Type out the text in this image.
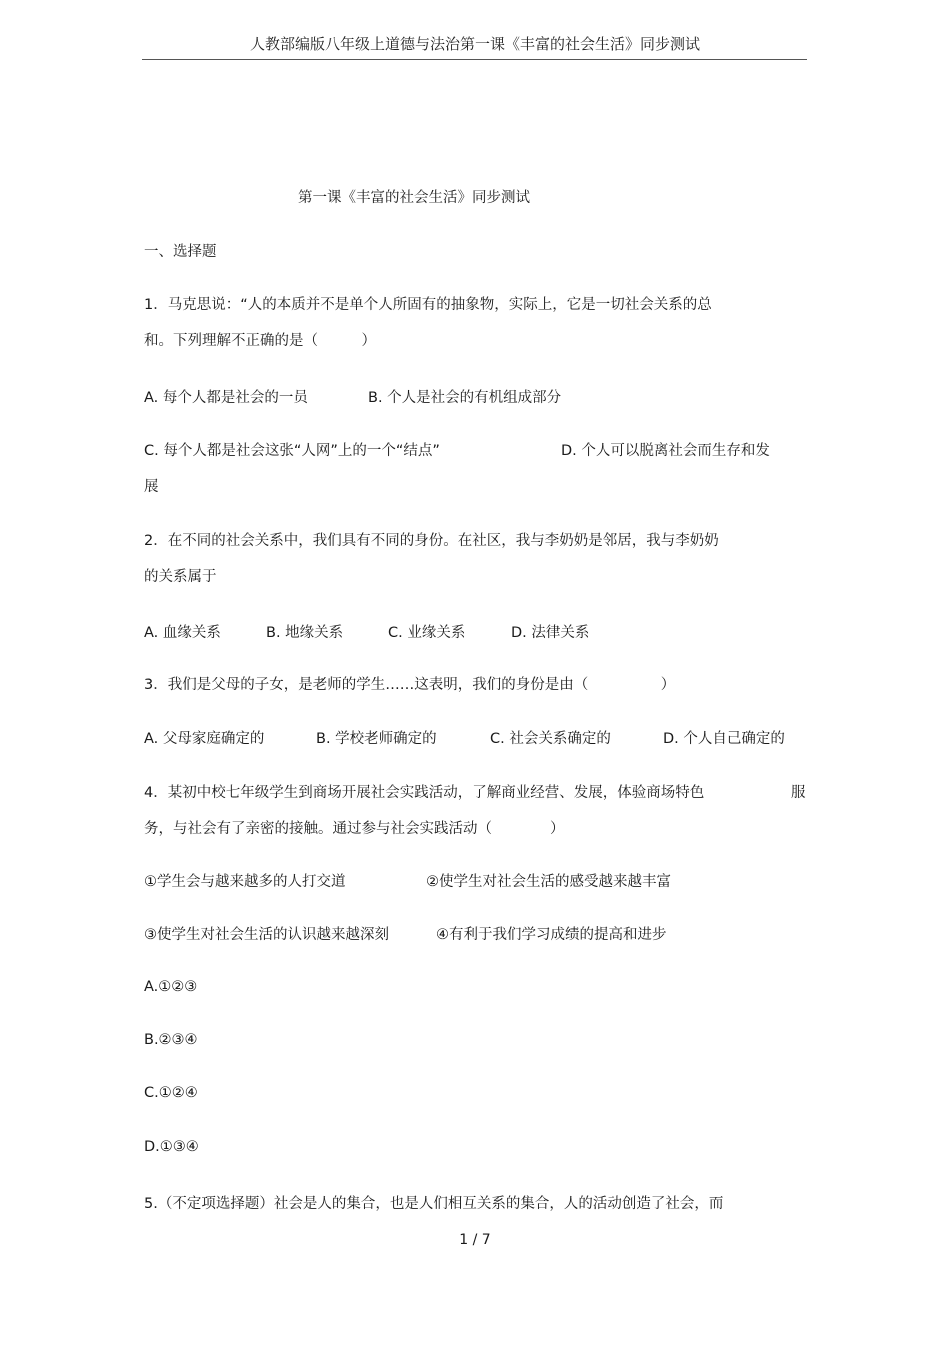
人教部编版八年级上道德与法治第一课《丰富的社会生活》同步测试
第一课《丰富的社会生活》同步测试
一、选择题
1．马克思说：“人的本质并不是单个人所固有的抽象物，实际上，它是一切社会关系的总
和。下列理解不正确的是（　　　）
A. 每个人都是社会的一员	B. 个人是社会的有机组成部分
C. 每个人都是社会这张“人网”上的一个“结点”	D. 个人可以脱离社会而生存和发
展
2．在不同的社会关系中，我们具有不同的身份。在社区，我与李奶奶是邻居，我与李奶奶
的关系属于
A. 血缘关系	B. 地缘关系	C. 业缘关系	D. 法律关系
3．我们是父母的子女，是老师的学生……这表明，我们的身份是由（　　　　　）
A. 父母家庭确定的	B. 学校老师确定的	C. 社会关系确定的	D. 个人自己确定的
4．某初中校七年级学生到商场开展社会实践活动，了解商业经营、发展，体验商场特色	服
务，与社会有了亲密的接触。通过参与社会实践活动（　　　　）
①学生会与越来越多的人打交道	②使学生对社会生活的感受越来越丰富
③使学生对社会生活的认识越来越深刻	④有利于我们学习成绩的提高和进步
A.①②③
B.②③④
C.①②④
D.①③④
5.（不定项选择题）社会是人的集合，也是人们相互关系的集合，人的活动创造了社会，而
1 / 7
